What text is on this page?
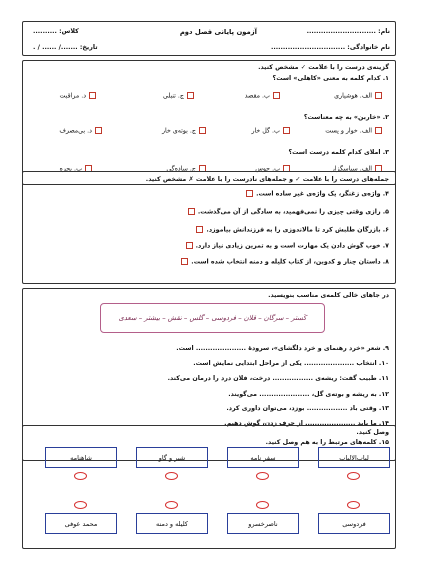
نام: .............................
آزمون پایانی فصل دوم
کلاس: ..........
نام خانوادگی: ...............................
تاریخ: ......./ ...... / .
گزینه‌ی درست را با علامت ✓ مشخص کنید.
۱. کدام کلمه به معنی «کاهلی» است؟
الف. هوشیاری
ب. مقصد
ج. تنبلی
د. مراقبت
۲. «خاربن» به چه معناست؟
الف. خوار و پست
ب. گل خار
ج. بوته‌ی خار
د. بی‌مصرف
۳. املای کدام کلمه درست است؟
الف. سپاسگزار
ب. جوس
ج. ساده‌گی
ب. بحره
جمله‌های درست را با علامت ✓ و جمله‌های نادرست را با علامت ✗ مشخص کنید.
۴. واژه‌ی زغنگر، یک واژه‌ی غیر ساده است.
۵. رازی وقتی چیزی را نمی‌فهمید، به سادگی از آن می‌گذشت.
۶. بازرگان طلبش کرد تا مالاندوزی را به فرزندانش بیاموزد.
۷. خوب گوش دادن یک مهارت است و به تمرین زیادی نیاز دارد.
۸. داستان چنار و کدوبن، از کتاب کلیله و دمنه انتخاب شده است.
در جاهای خالی کلمه‌ی مناسب بنویسید.
۹. شعر «خرد رهنمای و خرد دلگشای»، سرودهٔ ..................... است.
۱۰. انتخاب ..................... یکی از مراحل ابتدایی نمایش است.
۱۱. طبیب گفت: ریشه‌ی ................. درخت، فلان درد را درمان می‌کند.
۱۲. به ریشه و بوته‌ی گل، ..................... می‌گویند.
۱۳. وقتی باد ................. بوزد، می‌توان داوری کرد.
۱۴. ما باید ..................... از حرف زدن، گوش دهیم.
کَستر – سرگان – قلان – فردوسی – گلس – نقش – بیشتر – سعدی
وصل کنید.
۱۵. کلمه‌های مرتبط را به هم وصل کنید.
لباب‌الالباب
سفر نامه
شیر و گاو
شاهنامه
فردوسی
ناصرخسرو
کلیله و دمنه
محمد عوفی
